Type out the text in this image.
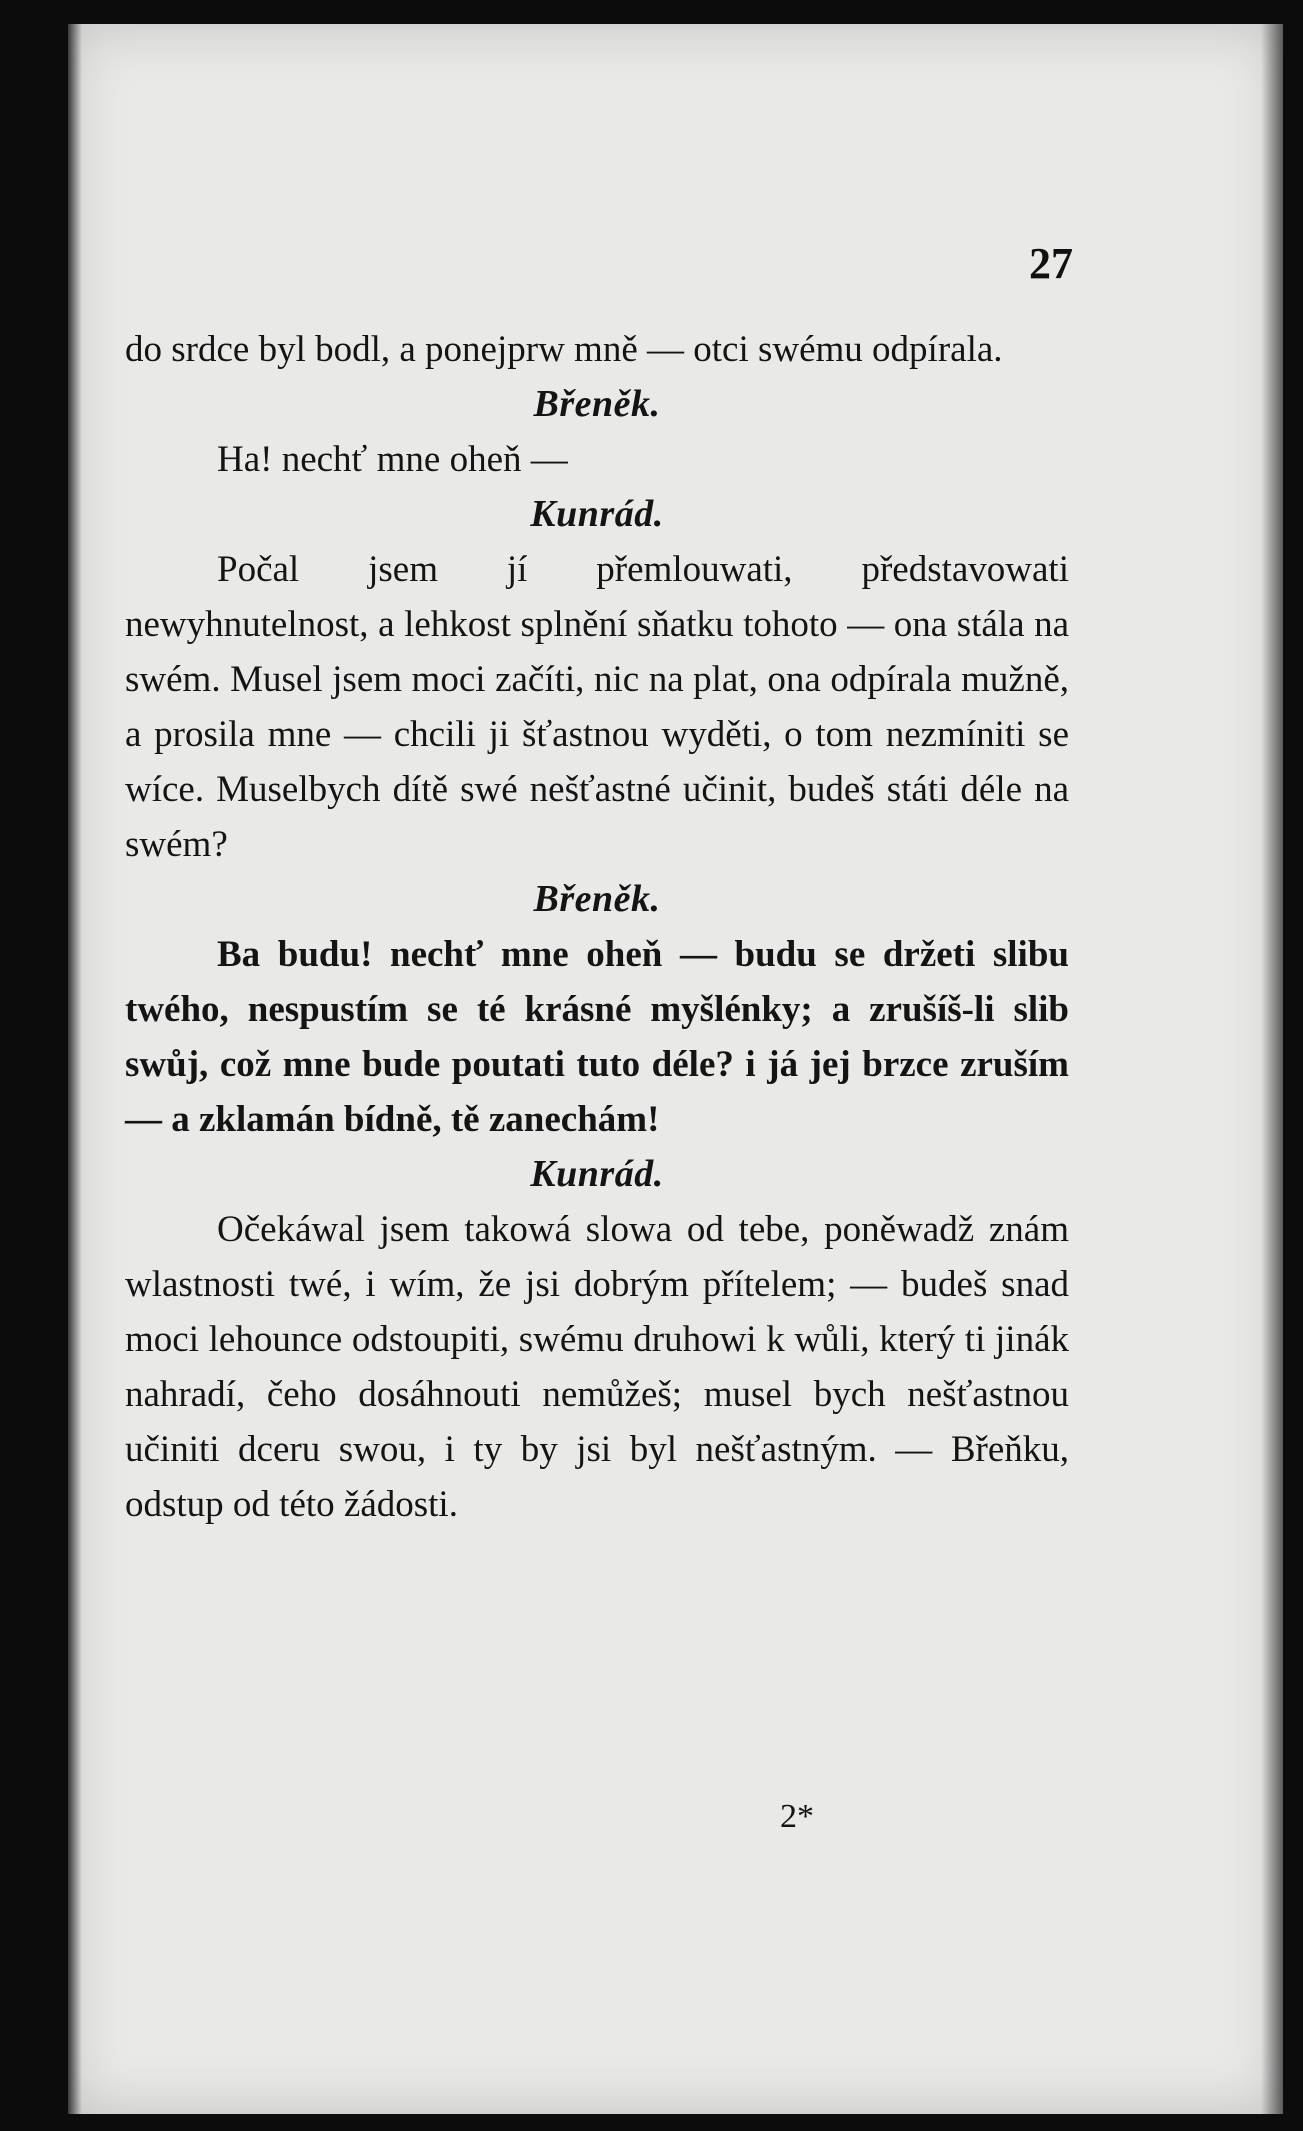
27

do srdce byl bodl, a ponejprw mně — otci swému odpírala.

Břeněk.

Ha! nechť mne oheň —

Kunrád.

Počal jsem jí přemlouwati, představowati newyhnutelnost, a lehkost splnění sňatku tohoto — ona stála na swém. Musel jsem moci začíti, nic na plat, ona odpírala mužně, a prosila mne — chcili ji šťastnou wyděti, o tom nezmíniti se wíce. Muselbych dítě swé nešťastné učinit, budeš státi déle na swém?

Břeněk.

Ba budu! nechť mne oheň — budu se držeti slibu twého, nespustím se té krásné myšlénky; a zrušíš-li slib swůj, což mne bude poutati tuto déle? i já jej brzce zruším — a zklamán bídně, tě zanechám!

Kunrád.

Očekáwal jsem takowá slowa od tebe, poněwadž znám wlastnosti twé, i wím, že jsi dobrým přítelem; — budeš snad moci lehounce odstoupiti, swému druhowi k wůli, který ti jinák nahradí, čeho dosáhnouti nemůžeš; musel bych nešťastnou učiniti dceru swou, i ty by jsi byl nešťastným. — Břeňku, odstup od této žádosti.

2*
